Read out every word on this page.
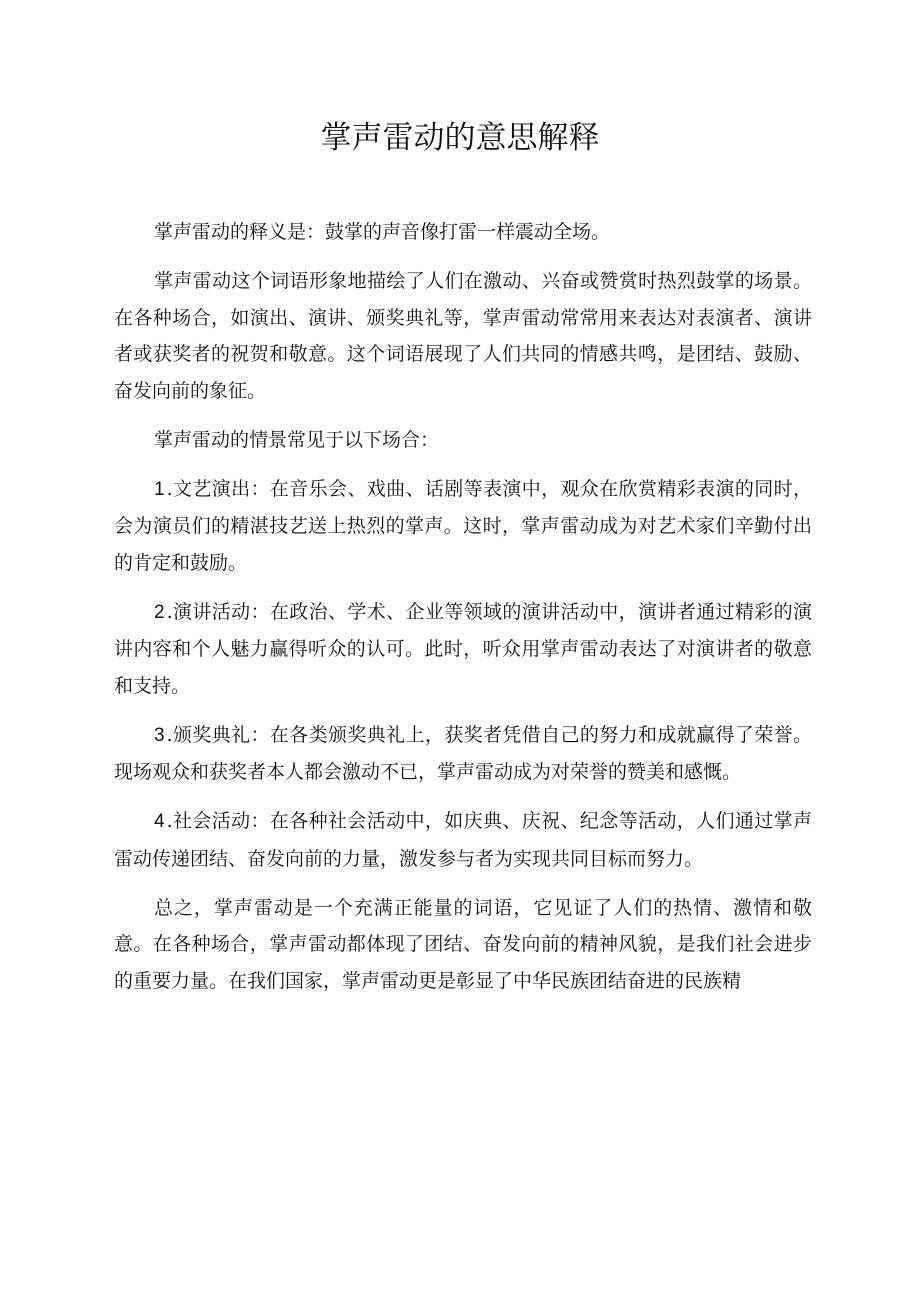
掌声雷动的意思解释

掌声雷动的释义是：鼓掌的声音像打雷一样震动全场。

掌声雷动这个词语形象地描绘了人们在激动、兴奋或赞赏时热烈鼓掌的场景。在各种场合，如演出、演讲、颁奖典礼等，掌声雷动常常用来表达对表演者、演讲者或获奖者的祝贺和敬意。这个词语展现了人们共同的情感共鸣，是团结、鼓励、奋发向前的象征。

掌声雷动的情景常见于以下场合：

1.文艺演出：在音乐会、戏曲、话剧等表演中，观众在欣赏精彩表演的同时，会为演员们的精湛技艺送上热烈的掌声。这时，掌声雷动成为对艺术家们辛勤付出的肯定和鼓励。

2.演讲活动：在政治、学术、企业等领域的演讲活动中，演讲者通过精彩的演讲内容和个人魅力赢得听众的认可。此时，听众用掌声雷动表达了对演讲者的敬意和支持。

3.颁奖典礼：在各类颁奖典礼上，获奖者凭借自己的努力和成就赢得了荣誉。现场观众和获奖者本人都会激动不已，掌声雷动成为对荣誉的赞美和感慨。

4.社会活动：在各种社会活动中，如庆典、庆祝、纪念等活动，人们通过掌声雷动传递团结、奋发向前的力量，激发参与者为实现共同目标而努力。

总之，掌声雷动是一个充满正能量的词语，它见证了人们的热情、激情和敬意。在各种场合，掌声雷动都体现了团结、奋发向前的精神风貌，是我们社会进步的重要力量。在我们国家，掌声雷动更是彰显了中华民族团结奋进的民族精
